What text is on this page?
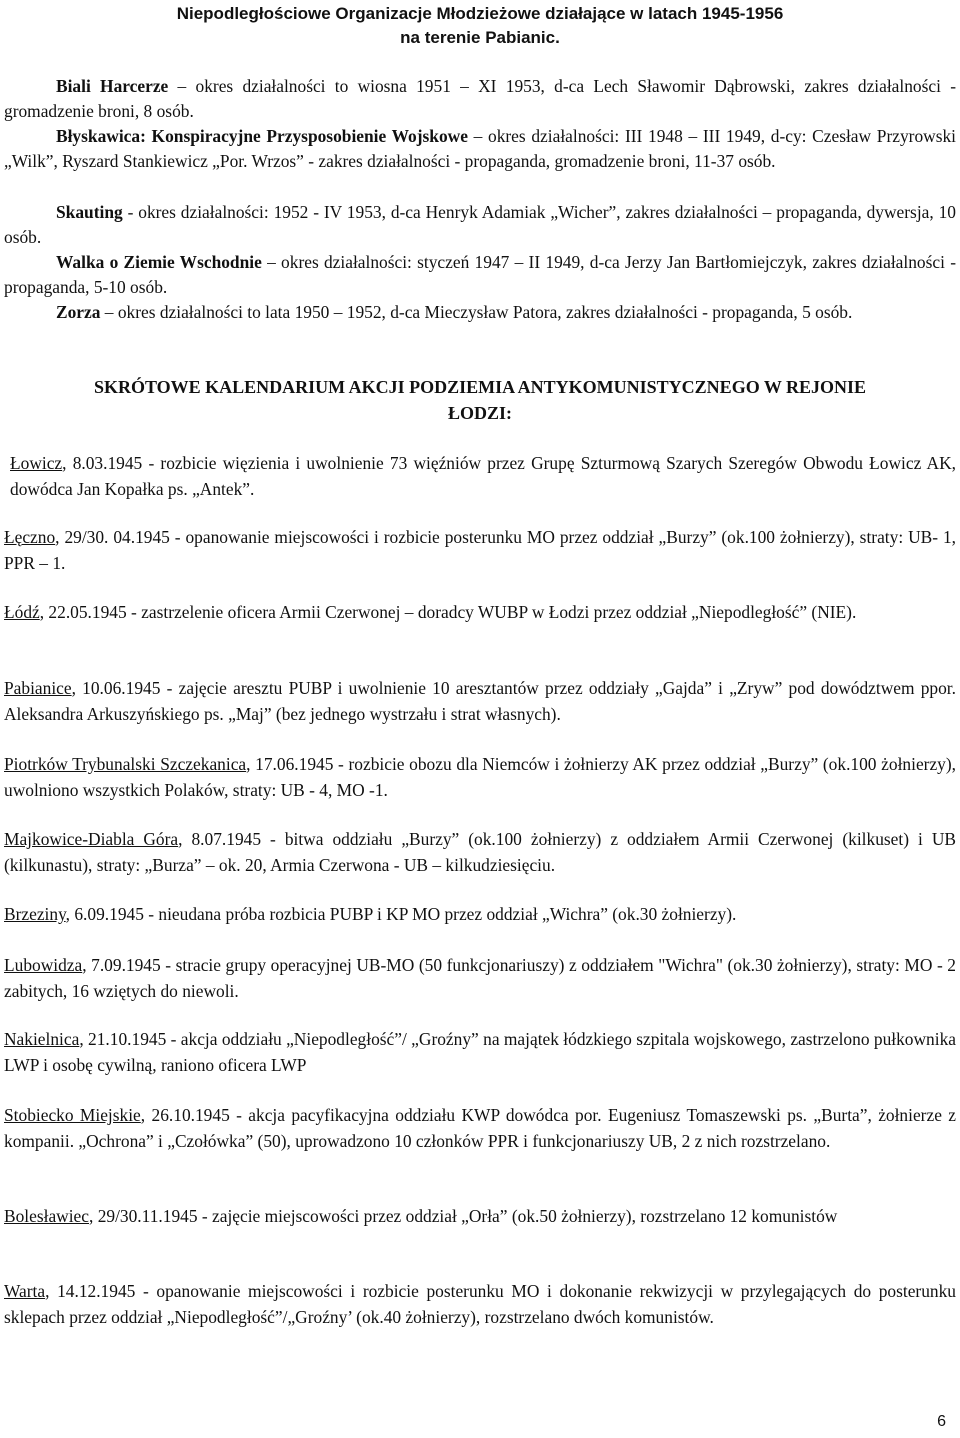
Niepodległościowe Organizacje Młodzieżowe działające w latach 1945-1956
na terenie Pabianic.
Biali Harcerze – okres działalności to wiosna 1951 – XI 1953, d-ca Lech Sławomir Dąbrowski, zakres działalności - gromadzenie broni, 8 osób.
Błyskawica: Konspiracyjne Przysposobienie Wojskowe – okres działalności: III 1948 – III 1949, d-cy: Czesław Przyrowski „Wilk”, Ryszard Stankiewicz „Por. Wrzos” - zakres działalności - propaganda, gromadzenie broni, 11-37 osób.
Skauting - okres działalności: 1952 - IV 1953, d-ca Henryk Adamiak „Wicher”, zakres działalności – propaganda, dywersja, 10 osób.
Walka o Ziemie Wschodnie – okres działalności: styczeń 1947 – II 1949, d-ca Jerzy Jan Bartłomiejczyk, zakres działalności - propaganda, 5-10 osób.
Zorza – okres działalności to lata 1950 – 1952, d-ca Mieczysław Patora, zakres działalności - propaganda, 5 osób.
SKRÓTOWE KALENDARIUM AKCJI PODZIEMIA ANTYKOMUNISTYCZNEGO W REJONIE
ŁODZI:
Łowicz, 8.03.1945 - rozbicie więzienia i uwolnienie 73 więźniów przez Grupę Szturmową Szarych Szeregów Obwodu Łowicz AK, dowódca Jan Kopałka ps. „Antek”.
Łęczno, 29/30. 04.1945 - opanowanie miejscowości i rozbicie posterunku MO przez oddział „Burzy” (ok.100 żołnierzy), straty: UB- 1, PPR – 1.
Łódź, 22.05.1945 - zastrzelenie oficera Armii Czerwonej – doradcy WUBP w Łodzi przez oddział „Niepodległość” (NIE).
Pabianice, 10.06.1945 - zajęcie aresztu PUBP i uwolnienie 10 aresztantów przez oddziały „Gajda” i „Zryw” pod dowództwem ppor. Aleksandra Arkuszyńskiego ps. „Maj” (bez jednego wystrzału i strat własnych).
Piotrków Trybunalski Szczekanica, 17.06.1945 - rozbicie obozu dla Niemców i żołnierzy AK przez oddział „Burzy” (ok.100 żołnierzy), uwolniono wszystkich Polaków, straty: UB - 4, MO -1.
Majkowice-Diabla Góra, 8.07.1945 - bitwa oddziału „Burzy” (ok.100 żołnierzy) z oddziałem Armii Czerwonej (kilkuset) i UB (kilkunastu), straty: „Burza” – ok. 20, Armia Czerwona - UB – kilkudziesięciu.
Brzeziny, 6.09.1945 - nieudana próba rozbicia PUBP i KP MO przez oddział „Wichra” (ok.30 żołnierzy).
Lubowidza, 7.09.1945 - stracie grupy operacyjnej UB-MO (50 funkcjonariuszy) z oddziałem "Wichra" (ok.30 żołnierzy), straty: MO - 2 zabitych, 16 wziętych do niewoli.
Nakielnica, 21.10.1945 - akcja oddziału „Niepodległość”/ „Groźny” na majątek łódzkiego szpitala wojskowego, zastrzelono pułkownika LWP i osobę cywilną, raniono oficera LWP
Stobiecko Miejskie, 26.10.1945 - akcja pacyfikacyjna oddziału KWP dowódca por. Eugeniusz Tomaszewski ps. „Burta”, żołnierze z kompanii. „Ochrona” i „Czołówka” (50), uprowadzono 10 członków PPR i funkcjonariuszy UB, 2 z nich rozstrzelano.
Bolesławiec, 29/30.11.1945 - zajęcie miejscowości przez oddział „Orła” (ok.50 żołnierzy), rozstrzelano 12 komunistów
Warta, 14.12.1945 - opanowanie miejscowości i rozbicie posterunku MO i dokonanie rekwizycji w przylegających do posterunku sklepach przez oddział „Niepodległość”/„Groźny’ (ok.40 żołnierzy), rozstrzelano dwóch komunistów.
6
